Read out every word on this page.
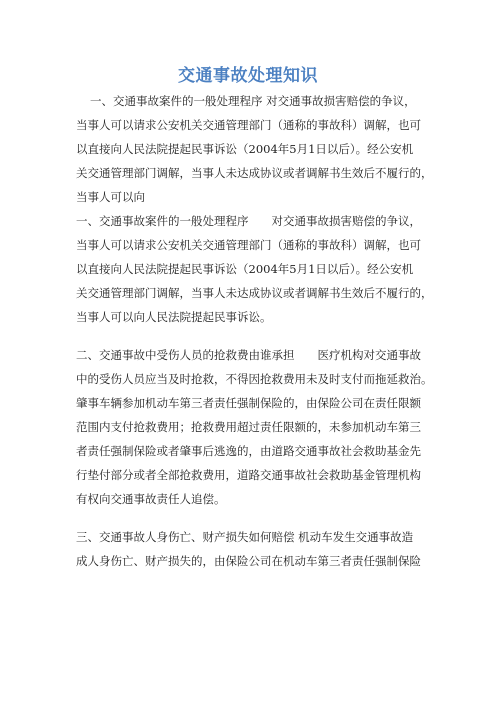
交通事故处理知识
一、交通事故案件的一般处理程序 对交通事故损害赔偿的争议，
当事人可以请求公安机关交通管理部门（通称的事故科）调解，也可
以直接向人民法院提起民事诉讼（2004年5月1日以后）。经公安机
关交通管理部门调解，当事人未达成协议或者调解书生效后不履行的，
当事人可以向
一、交通事故案件的一般处理程序　　对交通事故损害赔偿的争议，
当事人可以请求公安机关交通管理部门（通称的事故科）调解，也可
以直接向人民法院提起民事诉讼（2004年5月1日以后）。经公安机
关交通管理部门调解，当事人未达成协议或者调解书生效后不履行的，
当事人可以向人民法院提起民事诉讼。
二、交通事故中受伤人员的抢救费由谁承担　　医疗机构对交通事故
中的受伤人员应当及时抢救，不得因抢救费用未及时支付而拖延救治。
肇事车辆参加机动车第三者责任强制保险的，由保险公司在责任限额
范围内支付抢救费用；抢救费用超过责任限额的，未参加机动车第三
者责任强制保险或者肇事后逃逸的，由道路交通事故社会救助基金先
行垫付部分或者全部抢救费用，道路交通事故社会救助基金管理机构
有权向交通事故责任人追偿。
三、交通事故人身伤亡、财产损失如何赔偿 机动车发生交通事故造
成人身伤亡、财产损失的，由保险公司在机动车第三者责任强制保险
